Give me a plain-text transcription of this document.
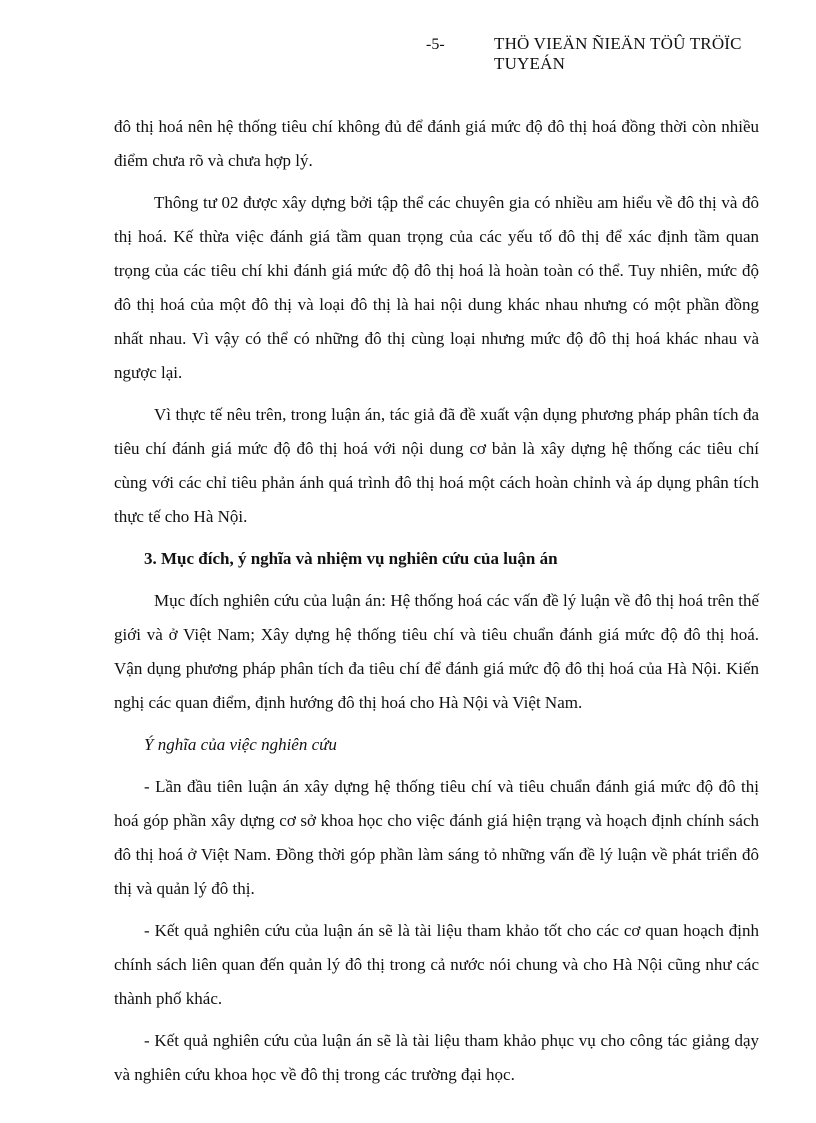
-5-	THÖ VIEÄN ÑIEÄN TÖÛ TRÖÏC TUYEÁN

đô thị hoá nên hệ thống tiêu chí không đủ để đánh giá mức độ đô thị hoá đồng thời còn nhiều điểm chưa rõ và chưa hợp lý.

Thông tư 02 được xây dựng bởi tập thể các chuyên gia có nhiều am hiểu về đô thị và đô thị hoá. Kế thừa việc đánh giá tầm quan trọng của các yếu tố đô thị để xác định tầm quan trọng của các tiêu chí khi đánh giá mức độ đô thị hoá là hoàn toàn có thể. Tuy nhiên, mức độ đô thị hoá của một đô thị và loại đô thị là hai nội dung khác nhau nhưng có một phần đồng nhất nhau. Vì vậy có thể có những đô thị cùng loại nhưng mức độ đô thị hoá khác nhau và ngược lại.

Vì thực tế nêu trên, trong luận án, tác giả đã đề xuất vận dụng phương pháp phân tích đa tiêu chí đánh giá mức độ đô thị hoá với nội dung cơ bản là xây dựng hệ thống các tiêu chí cùng với các chỉ tiêu phản ánh quá trình đô thị hoá một cách hoàn chỉnh và áp dụng phân tích thực tế cho Hà Nội.

3. Mục đích, ý nghĩa và nhiệm vụ nghiên cứu của luận án

Mục đích nghiên cứu của luận án: Hệ thống hoá các vấn đề lý luận về đô thị hoá trên thế giới và ở Việt Nam; Xây dựng hệ thống tiêu chí và tiêu chuẩn đánh giá mức độ đô thị hoá. Vận dụng phương pháp phân tích đa tiêu chí để đánh giá mức độ đô thị hoá của Hà Nội. Kiến nghị các quan điểm, định hướng đô thị hoá cho Hà Nội và Việt Nam.

Ý nghĩa của việc nghiên cứu

- Lần đầu tiên luận án xây dựng hệ thống tiêu chí và tiêu chuẩn đánh giá mức độ đô thị hoá góp phần xây dựng cơ sở khoa học cho việc đánh giá hiện trạng và hoạch định chính sách đô thị hoá ở Việt Nam. Đồng thời góp phần làm sáng tỏ những vấn đề lý luận về phát triển đô thị và quản lý đô thị.

- Kết quả nghiên cứu của luận án sẽ là tài liệu tham khảo tốt cho các cơ quan hoạch định chính sách liên quan đến quản lý đô thị trong cả nước nói chung và cho Hà Nội cũng như các thành phố khác.

- Kết quả nghiên cứu của luận án sẽ là tài liệu tham khảo phục vụ cho công tác giảng dạy và nghiên cứu khoa học về đô thị trong các trường đại học.
